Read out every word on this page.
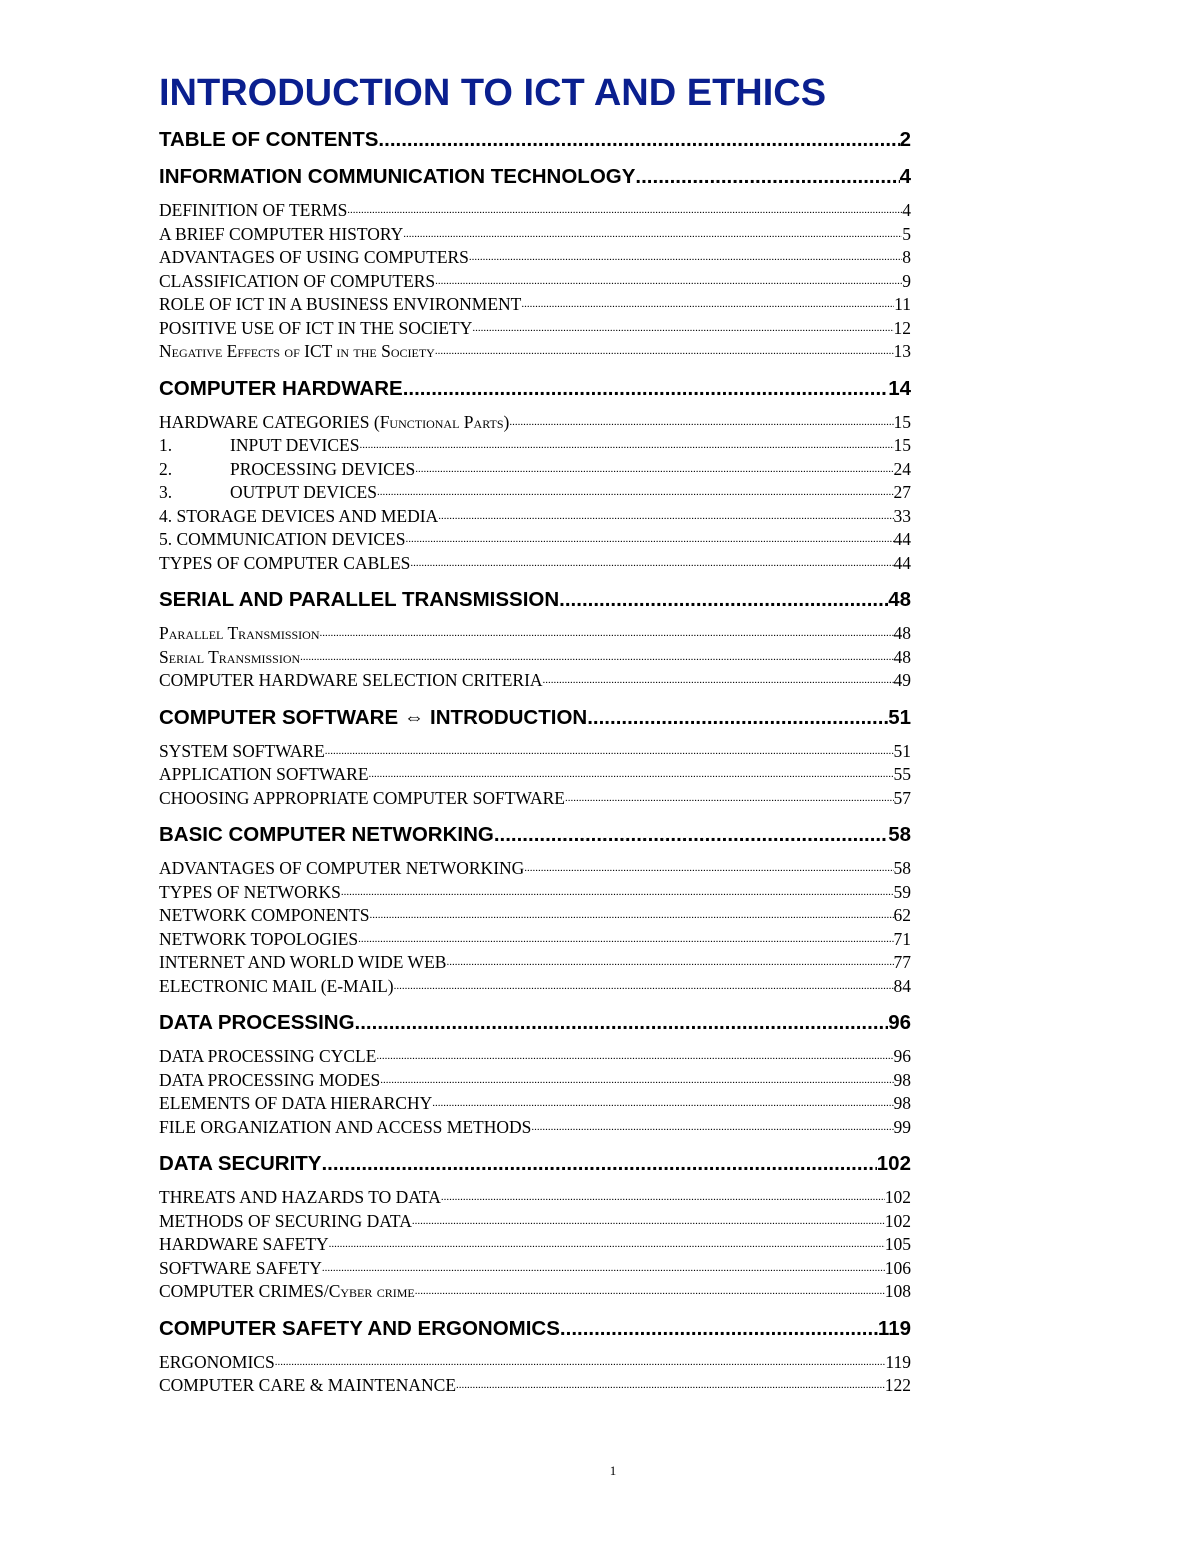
INTRODUCTION TO ICT AND ETHICS
TABLE OF CONTENTS .....	2
INFORMATION COMMUNICATION TECHNOLOGY .....	4
DEFINITION OF TERMS .....	4
A BRIEF COMPUTER HISTORY .....	5
ADVANTAGES OF USING COMPUTERS .....	8
CLASSIFICATION OF COMPUTERS .....	9
ROLE OF ICT IN A BUSINESS ENVIRONMENT .....	11
POSITIVE USE OF ICT IN THE SOCIETY .....	12
Negative Effects of ICT in the Society .....	13
COMPUTER HARDWARE .....	14
HARDWARE CATEGORIES (Functional Parts) .....	15
1.	INPUT DEVICES .....	15
2.	PROCESSING DEVICES .....	24
3.	OUTPUT DEVICES .....	27
4. STORAGE DEVICES AND MEDIA .....	33
5. COMMUNICATION DEVICES .....	44
TYPES OF COMPUTER CABLES .....	44
SERIAL AND PARALLEL TRANSMISSION .....	48
Parallel Transmission .....	48
Serial Transmission .....	48
COMPUTER HARDWARE SELECTION CRITERIA .....	49
COMPUTER SOFTWARE ⇔ INTRODUCTION .....	51
SYSTEM SOFTWARE .....	51
APPLICATION SOFTWARE .....	55
CHOOSING APPROPRIATE COMPUTER SOFTWARE .....	57
BASIC COMPUTER NETWORKING .....	58
ADVANTAGES OF COMPUTER NETWORKING .....	58
TYPES OF NETWORKS .....	59
NETWORK COMPONENTS .....	62
NETWORK TOPOLOGIES .....	71
INTERNET AND WORLD WIDE WEB .....	77
ELECTRONIC MAIL (E-MAIL) .....	84
DATA PROCESSING .....	96
DATA PROCESSING CYCLE .....	96
DATA PROCESSING MODES .....	98
ELEMENTS OF DATA HIERARCHY .....	98
FILE ORGANIZATION AND ACCESS METHODS .....	99
DATA SECURITY .....	102
THREATS AND HAZARDS TO DATA .....	102
METHODS OF SECURING DATA .....	102
HARDWARE SAFETY .....	105
SOFTWARE SAFETY .....	106
COMPUTER CRIMES/Cyber crime .....	108
COMPUTER SAFETY AND ERGONOMICS .....	119
ERGONOMICS .....	119
COMPUTER CARE & MAINTENANCE .....	122
1
